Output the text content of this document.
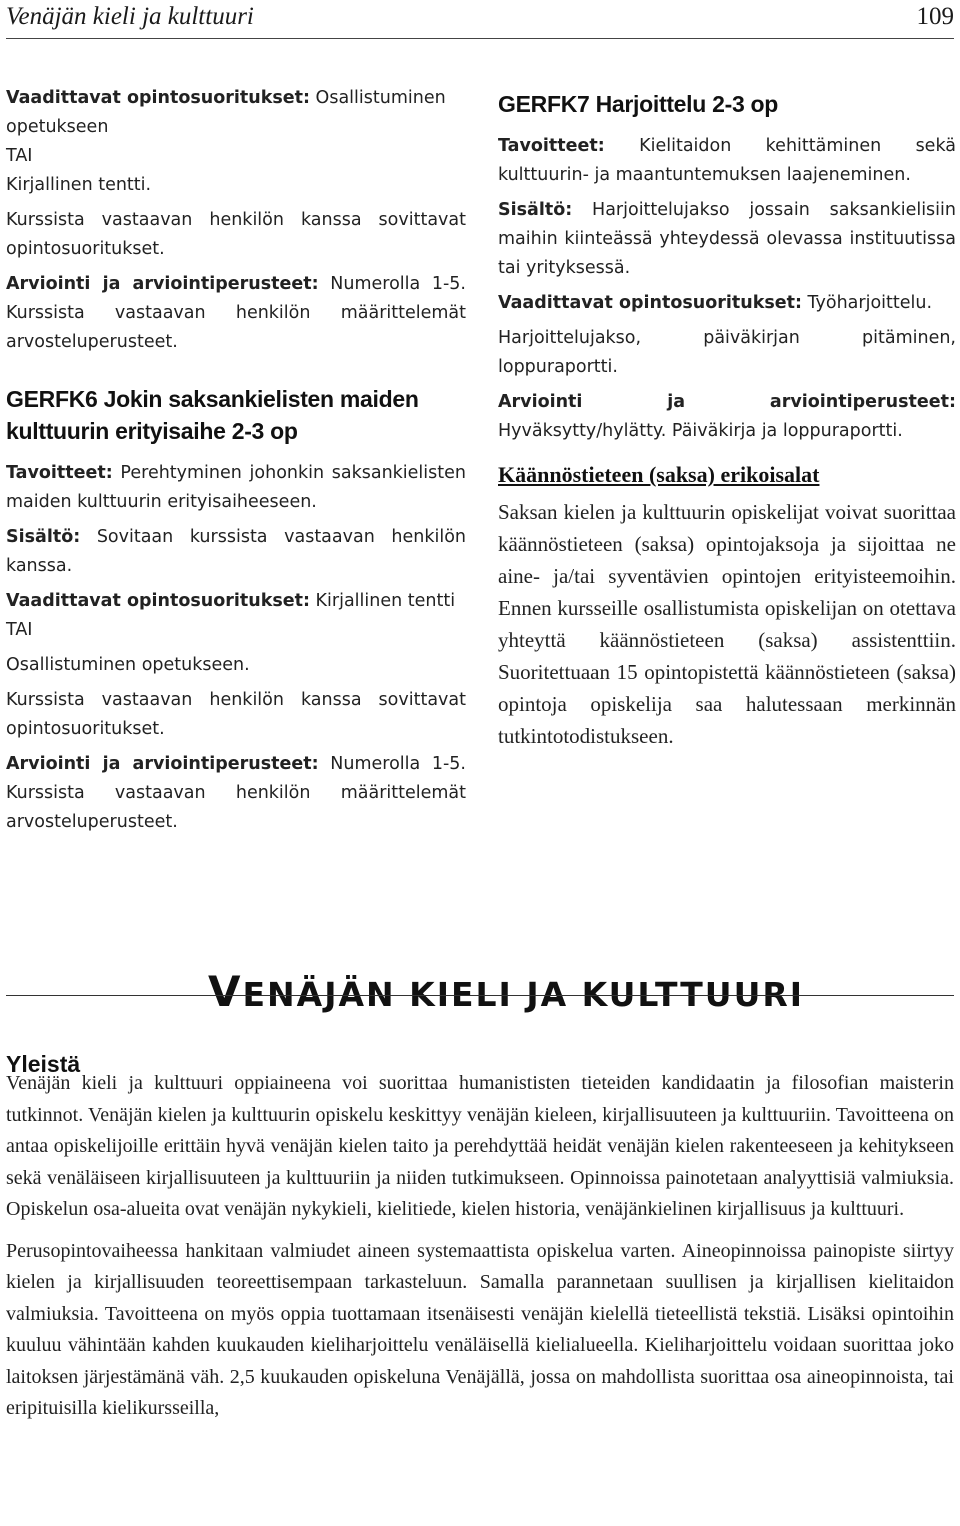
Venäjän kieli ja kulttuuri	109

Vaadittavat opintosuoritukset: Osallistuminen opetukseen
TAI
Kirjallinen tentti.

Kurssista vastaavan henkilön kanssa sovittavat opintosuoritukset.

Arviointi ja arviointiperusteet: Numerolla 1-5. Kurssista vastaavan henkilön määrittelemät arvosteluperusteet.

GERFK6 Jokin saksankielisten maiden kulttuurin erityisaihe 2-3 op

Tavoitteet: Perehtyminen johonkin saksankielisten maiden kulttuurin erityisaiheeseen.

Sisältö: Sovitaan kurssista vastaavan henkilön kanssa.

Vaadittavat opintosuoritukset: Kirjallinen tentti
TAI

Osallistuminen opetukseen.

Kurssista vastaavan henkilön kanssa sovittavat opintosuoritukset.

Arviointi ja arviointiperusteet: Numerolla 1-5. Kurssista vastaavan henkilön määrittelemät arvosteluperusteet.

GERFK7 Harjoittelu 2-3 op

Tavoitteet: Kielitaidon kehittäminen sekä kulttuurin- ja maantuntemuksen laajeneminen.

Sisältö: Harjoittelujakso jossain saksankielisiin maihin kiinteässä yhteydessä olevassa instituutissa tai yrityksessä.

Vaadittavat opintosuoritukset: Työharjoittelu.

Harjoittelujakso, päiväkirjan pitäminen, loppuraportti.

Arviointi ja arviointiperusteet: Hyväksytty/hylätty. Päiväkirja ja loppuraportti.

Käännöstieteen (saksa) erikoisalat

Saksan kielen ja kulttuurin opiskelijat voivat suorittaa käännöstieteen (saksa) opintojaksoja ja sijoittaa ne aine- ja/tai syventävien opintojen erityisteemoihin. Ennen kursseille osallistumista opiskelijan on otettava yhteyttä käännöstieteen (saksa) assistenttiin. Suoritettuaan 15 opintopistettä käännöstieteen (saksa) opintoja opiskelija saa halutessaan merkinnän tutkintotodistukseen.

VENÄJÄN KIELI JA KULTTUURI
Yleistä

Venäjän kieli ja kulttuuri oppiaineena voi suorittaa humanististen tieteiden kandidaatin ja filosofian maisterin tutkinnot. Venäjän kielen ja kulttuurin opiskelu keskittyy venäjän kieleen, kirjallisuuteen ja kulttuuriin. Tavoitteena on antaa opiskelijoille erittäin hyvä venäjän kielen taito ja perehdyttää heidät venäjän kielen rakenteeseen ja kehitykseen sekä venäläiseen kirjallisuuteen ja kulttuuriin ja niiden tutkimukseen. Opinnoissa painotetaan analyyttisiä valmiuksia. Opiskelun osa-alueita ovat venäjän nykykieli, kielitiede, kielen historia, venäjänkielinen kirjallisuus ja kulttuuri.

Perusopintovaiheessa hankitaan valmiudet aineen systemaattista opiskelua varten. Aineopinnoissa painopiste siirtyy kielen ja kirjallisuuden teoreettisempaan tarkasteluun. Samalla parannetaan suullisen ja kirjallisen kielitaidon valmiuksia. Tavoitteena on myös oppia tuottamaan itsenäisesti venäjän kielellä tieteellistä tekstiä. Lisäksi opintoihin kuuluu vähintään kahden kuukauden kieliharjoittelu venäläisellä kielialueella. Kieliharjoittelu voidaan suorittaa joko laitoksen järjestämänä väh. 2,5 kuukauden opiskeluna Venäjällä, jossa on mahdollista suorittaa osa aineopinnoista, tai eripituisilla kielikursseilla,
